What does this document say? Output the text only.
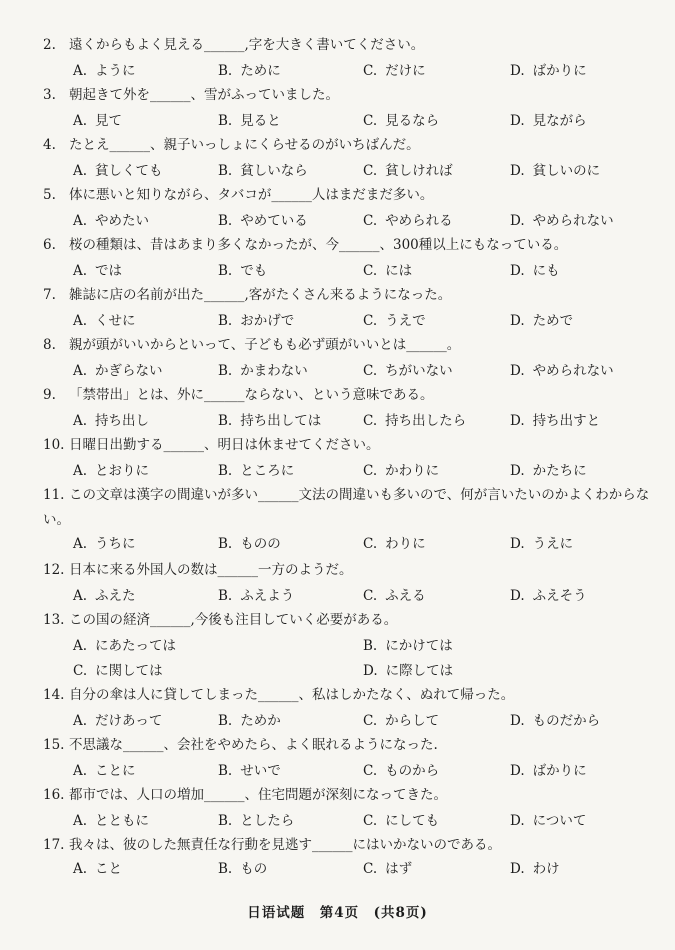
2. 遠くからもよく見える______,字を大きく書いてください。
A. ように	B. ために	C. だけに	D. ばかりに
3. 朝起きて外を______、雪がふっていました。
A. 見て	B. 見ると	C. 見るなら	D. 見ながら
4. たとえ______、親子いっしょにくらせるのがいちばんだ。
A. 貧しくても	B. 貧しいなら	C. 貧しければ	D. 貧しいのに
5. 体に悪いと知りながら、タバコが______人はまだまだ多い。
A. やめたい	B. やめている	C. やめられる	D. やめられない
6. 桜の種類は、昔はあまり多くなかったが、今______、300種以上にもなっている。
A. では	B. でも	C. には	D. にも
7. 雑誌に店の名前が出た______,客がたくさん来るようになった。
A. くせに	B. おかげで	C. うえで	D. ためで
8. 親が頭がいいからといって、子どもも必ず頭がいいとは______。
A. かぎらない	B. かまわない	C. ちがいない	D. やめられない
9. 「禁帯出」とは、外に______ならない、という意味である。
A. 持ち出し	B. 持ち出しては	C. 持ち出したら	D. 持ち出すと
10. 日曜日出勤する______、明日は休ませてください。
A. とおりに	B. ところに	C. かわりに	D. かたちに
11. この文章は漢字の間違いが多い______文法の間違いも多いので、何が言いたいのかよくわからない。
A. うちに	B. ものの	C. わりに	D. うえに
12. 日本に来る外国人の数は______一方のようだ。
A. ふえた	B. ふえよう	C. ふえる	D. ふえそう
13. この国の経済______,今後も注目していく必要がある。
A. にあたっては	B. にかけては
C. に関しては	D. に際しては
14. 自分の傘は人に貸してしまった______、私はしかたなく、ぬれて帰った。
A. だけあって	B. ためか	C. からして	D. ものだから
15. 不思議な______、会社をやめたら、よく眠れるようになった.
A. ことに	B. せいで	C. ものから	D. ばかりに
16. 都市では、人口の増加______、住宅問題が深刻になってきた。
A. とともに	B. としたら	C. にしても	D. について
17. 我々は、彼のした無責任な行動を見逃す______にはいかないのである。
A. こと	B. もの	C. はず	D. わけ
日语试题　第4页　(共8页)
